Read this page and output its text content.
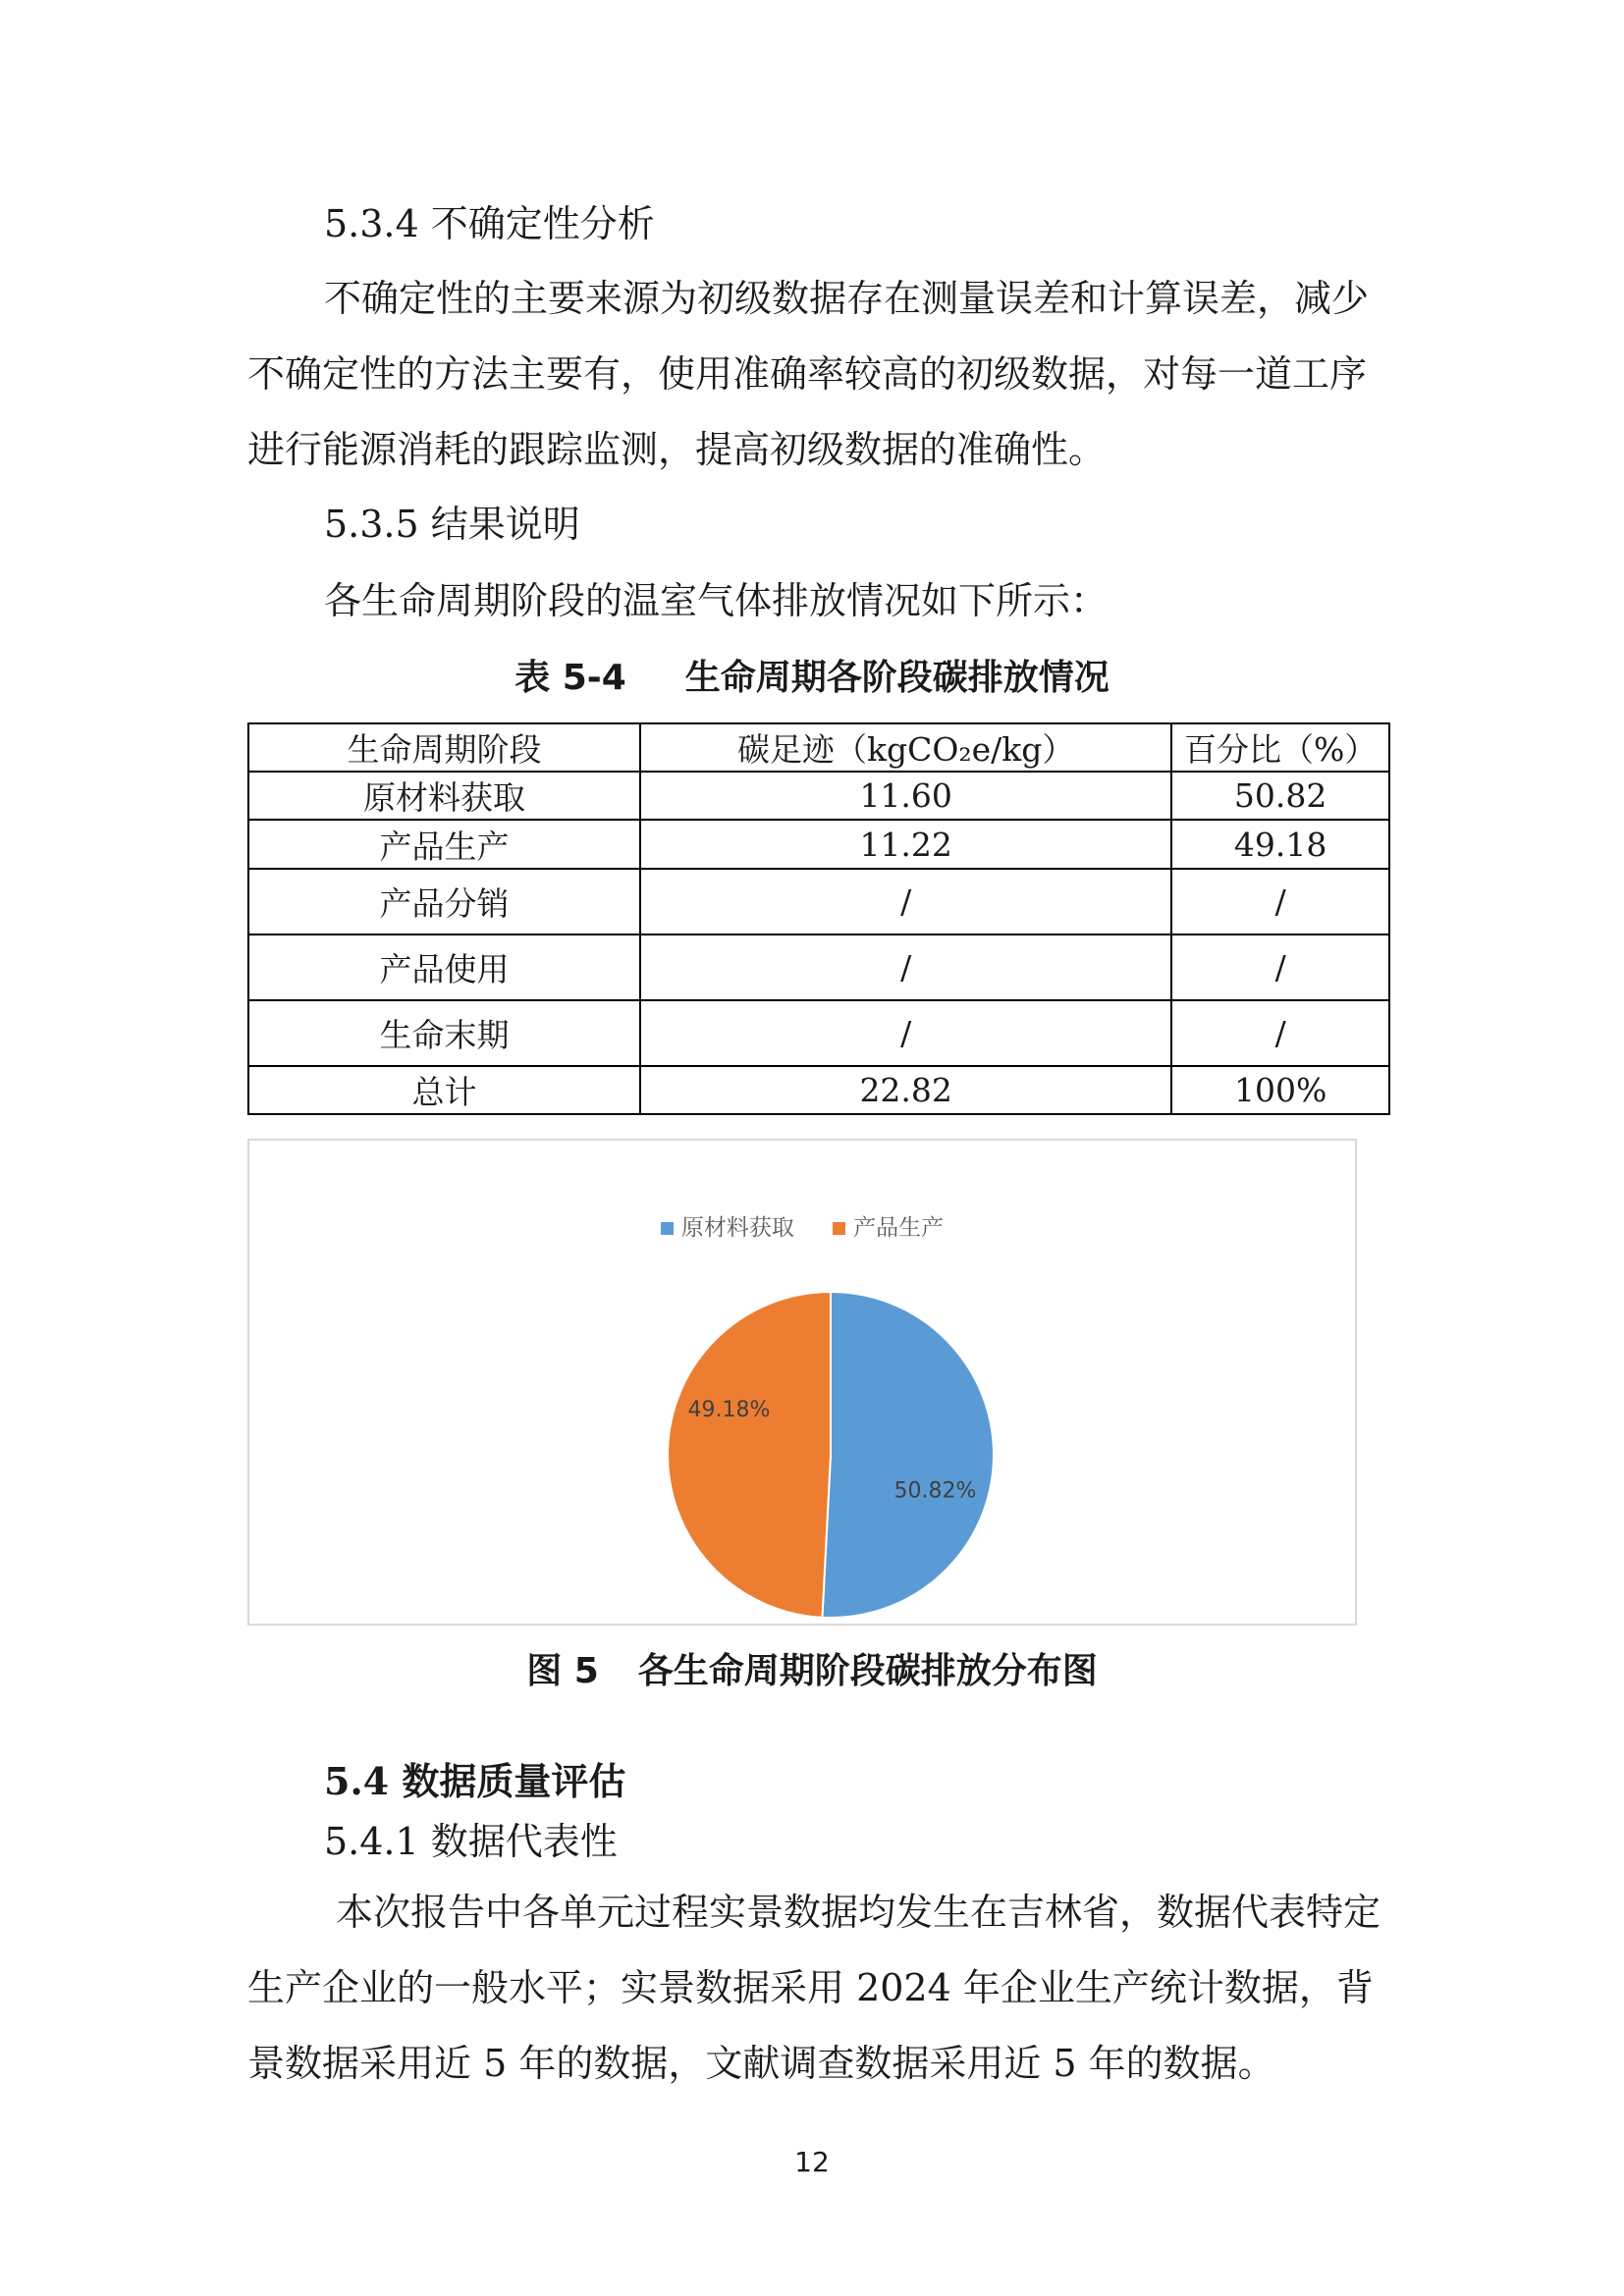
5.3.4 不确定性分析

不确定性的主要来源为初级数据存在测量误差和计算误差，减少不确定性的方法主要有，使用准确率较高的初级数据，对每一道工序进行能源消耗的跟踪监测，提高初级数据的准确性。

5.3.5 结果说明
各生命周期阶段的温室气体排放情况如下所示：
表 5-4 生命周期各阶段碳排放情况
生命周期阶段	碳足迹（kgCO₂e/kg）	百分比（%）
原材料获取	11.60	50.82
产品生产	11.22	49.18
产品分销	/	/
产品使用	/	/
生命末期	/	/
总计	22.82	100%
原材料获取	产品生产
50.82%
49.18%
图 5 各生命周期阶段碳排放分布图
5.4 数据质量评估
5.4.1 数据代表性

本次报告中各单元过程实景数据均发生在吉林省，数据代表特定生产企业的一般水平；实景数据采用 2024 年企业生产统计数据，背景数据采用近 5 年的数据，文献调查数据采用近 5 年的数据。

12
